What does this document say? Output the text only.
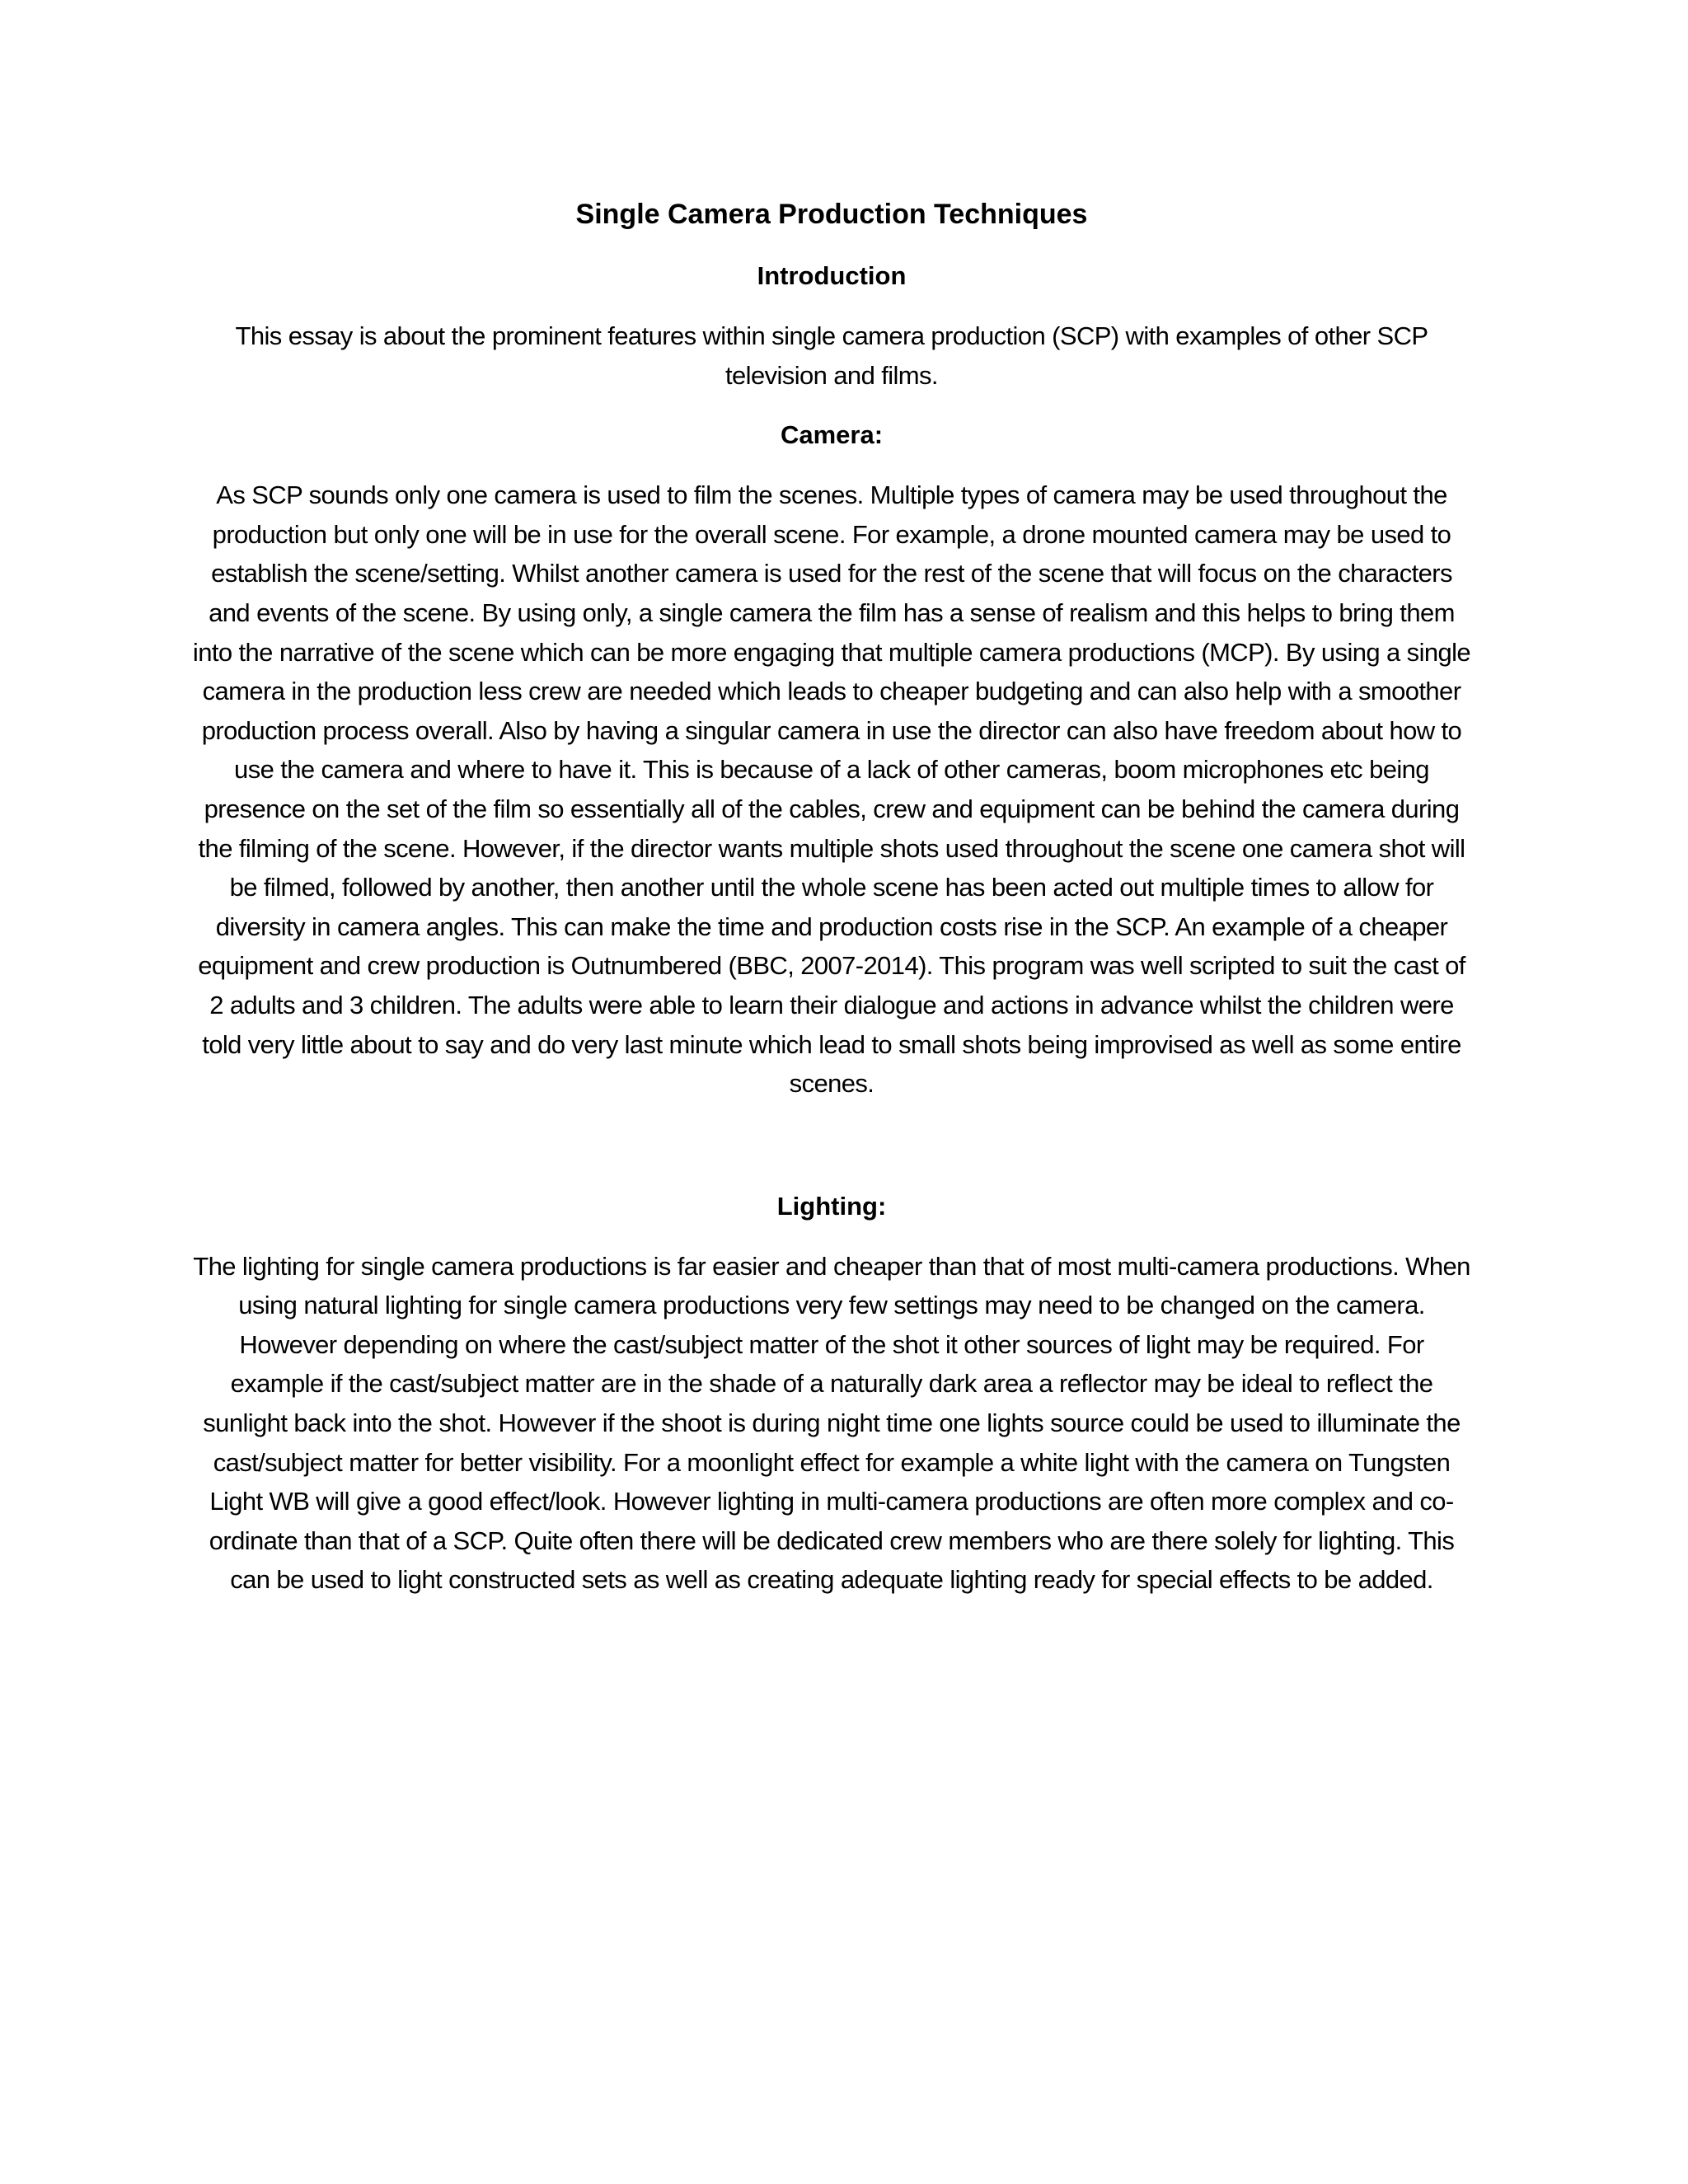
Single Camera Production Techniques
Introduction
This essay is about the prominent features within single camera production (SCP) with examples of other SCP television and films.
Camera:
As SCP sounds only one camera is used to film the scenes. Multiple types of camera may be used throughout the production but only one will be in use for the overall scene. For example, a drone mounted camera may be used to establish the scene/setting. Whilst another camera is used for the rest of the scene that will focus on the characters and events of the scene. By using only, a single camera the film has a sense of realism and this helps to bring them into the narrative of the scene which can be more engaging that multiple camera productions (MCP). By using a single camera in the production less crew are needed which leads to cheaper budgeting and can also help with a smoother production process overall. Also by having a singular camera in use the director can also have freedom about how to use the camera and where to have it. This is because of a lack of other cameras, boom microphones etc being presence on the set of the film so essentially all of the cables, crew and equipment can be behind the camera during the filming of the scene. However, if the director wants multiple shots used throughout the scene one camera shot will be filmed, followed by another, then another until the whole scene has been acted out multiple times to allow for diversity in camera angles. This can make the time and production costs rise in the SCP. An example of a cheaper equipment and crew production is Outnumbered (BBC, 2007-2014). This program was well scripted to suit the cast of 2 adults and 3 children. The adults were able to learn their dialogue and actions in advance whilst the children were told very little about to say and do very last minute which lead to small shots being improvised as well as some entire scenes.
Lighting:
The lighting for single camera productions is far easier and cheaper than that of most multi-camera productions. When using natural lighting for single camera productions very few settings may need to be changed on the camera. However depending on where the cast/subject matter of the shot it other sources of light may be required. For example if the cast/subject matter are in the shade of a naturally dark area a reflector may be ideal to reflect the sunlight back into the shot. However if the shoot is during night time one lights source could be used to illuminate the cast/subject matter for better visibility. For a moonlight effect for example a white light with the camera on Tungsten Light WB will give a good effect/look. However lighting in multi-camera productions are often more complex and co-ordinate than that of a SCP. Quite often there will be dedicated crew members who are there solely for lighting. This can be used to light constructed sets as well as creating adequate lighting ready for special effects to be added.
